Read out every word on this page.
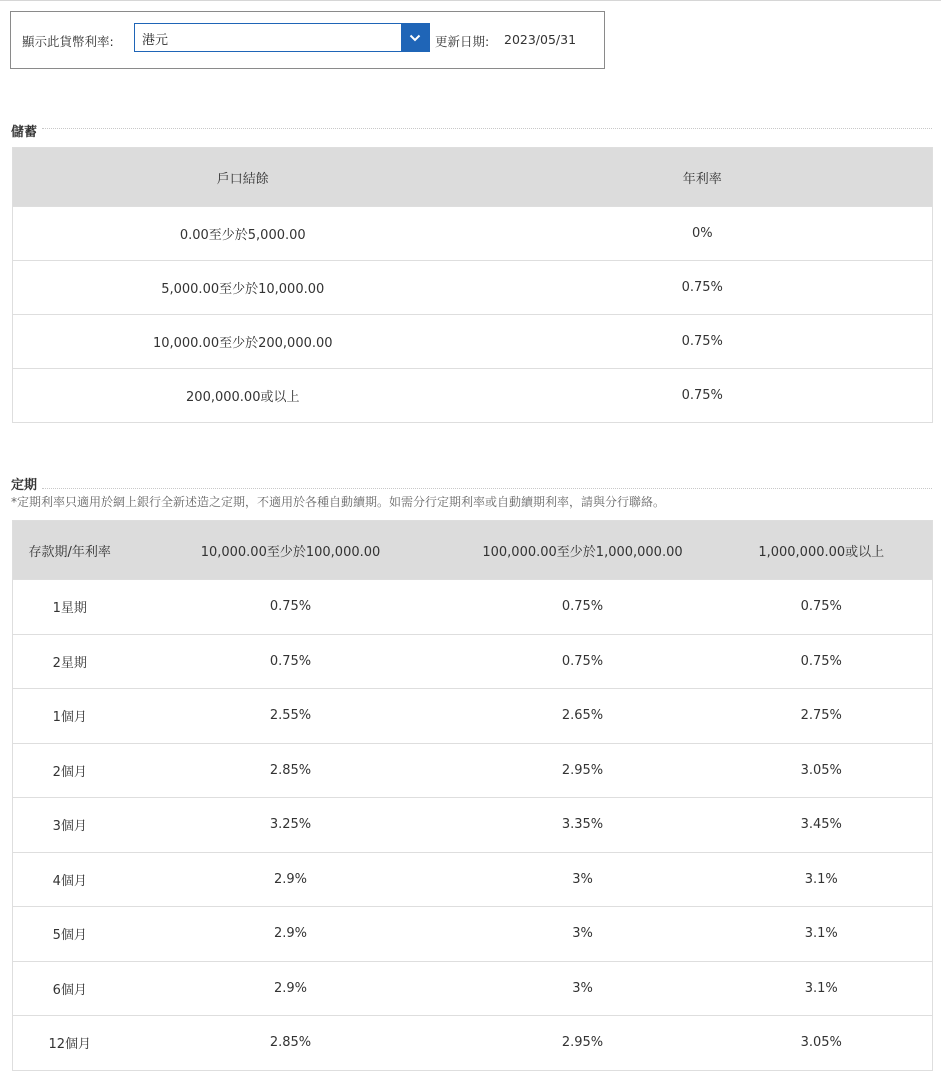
顯示此貨幣利率: 港元	更新日期: 2023/05/31
儲蓄
戶口結餘	年利率
0.00至少於5,000.00	0%
5,000.00至少於10,000.00	0.75%
10,000.00至少於200,000.00	0.75%
200,000.00或以上	0.75%
定期
*定期利率只適用於網上銀行全新述造之定期，不適用於各種自動續期。如需分行定期利率或自動續期利率，請與分行聯絡。
存款期/年利率	10,000.00至少於100,000.00	100,000.00至少於1,000,000.00	1,000,000.00或以上
1星期	0.75%	0.75%	0.75%
2星期	0.75%	0.75%	0.75%
1個月	2.55%	2.65%	2.75%
2個月	2.85%	2.95%	3.05%
3個月	3.25%	3.35%	3.45%
4個月	2.9%	3%	3.1%
5個月	2.9%	3%	3.1%
6個月	2.9%	3%	3.1%
12個月	2.85%	2.95%	3.05%
